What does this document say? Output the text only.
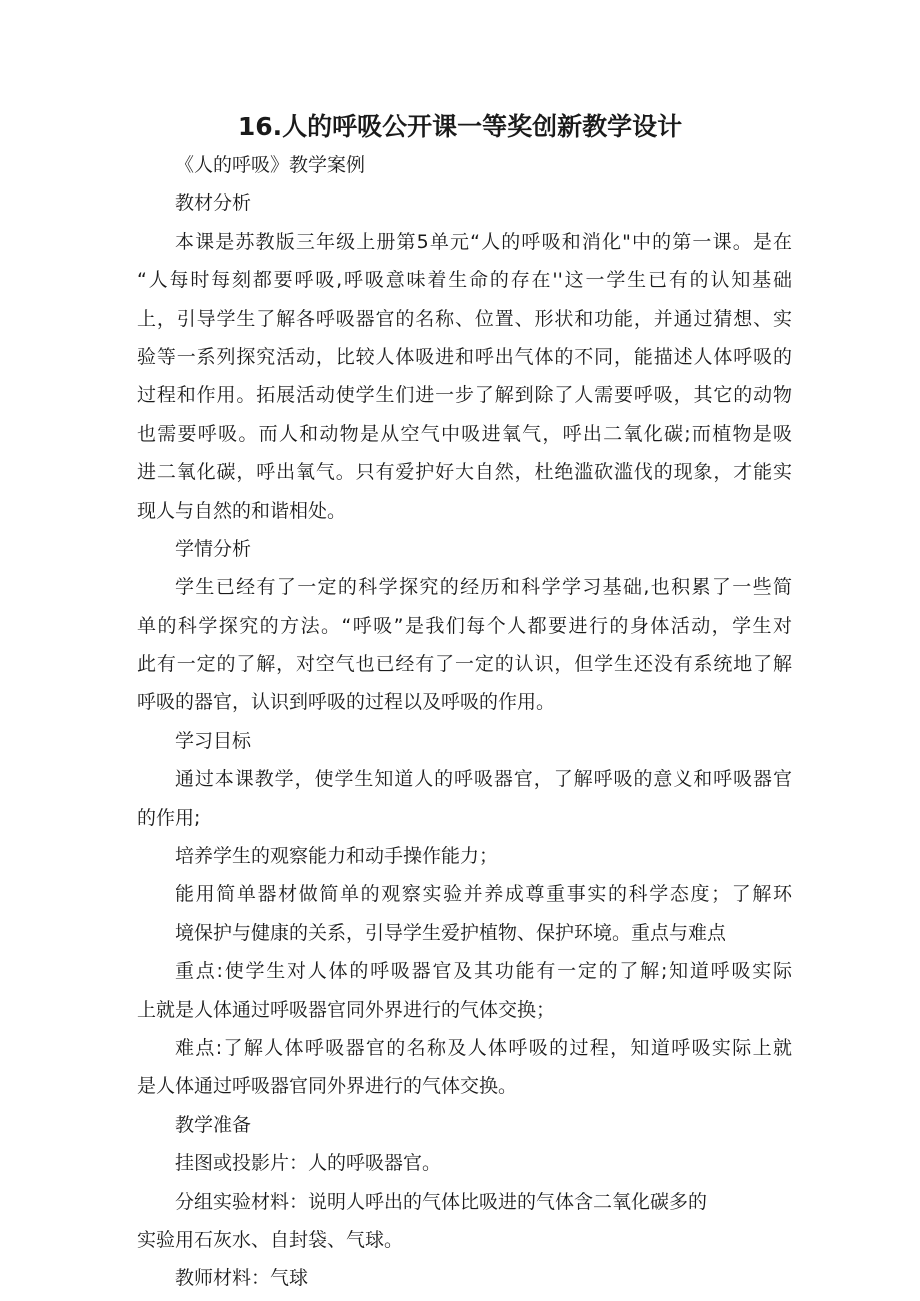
16.人的呼吸公开课一等奖创新教学设计
《人的呼吸》教学案例
教材分析
本课是苏教版三年级上册第5单元“人的呼吸和消化"中的第一课。是在
“人每时每刻都要呼吸,呼吸意味着生命的存在''这一学生已有的认知基础
上，引导学生了解各呼吸器官的名称、位置、形状和功能，并通过猜想、实
验等一系列探究活动，比较人体吸进和呼出气体的不同，能描述人体呼吸的
过程和作用。拓展活动使学生们进一步了解到除了人需要呼吸，其它的动物
也需要呼吸。而人和动物是从空气中吸进氧气，呼出二氧化碳;而植物是吸
进二氧化碳，呼出氧气。只有爱护好大自然，杜绝滥砍滥伐的现象，才能实
现人与自然的和谐相处。
学情分析
学生已经有了一定的科学探究的经历和科学学习基础,也积累了一些简
单的科学探究的方法。“呼吸”是我们每个人都要进行的身体活动，学生对
此有一定的了解，对空气也已经有了一定的认识，但学生还没有系统地了解
呼吸的器官，认识到呼吸的过程以及呼吸的作用。
学习目标
通过本课教学，使学生知道人的呼吸器官，了解呼吸的意义和呼吸器官
的作用;
培养学生的观察能力和动手操作能力；
能用简单器材做简单的观察实验并养成尊重事实的科学态度；了解环
境保护与健康的关系，引导学生爱护植物、保护环境。重点与难点
重点:使学生对人体的呼吸器官及其功能有一定的了解;知道呼吸实际
上就是人体通过呼吸器官同外界进行的气体交换；
难点:了解人体呼吸器官的名称及人体呼吸的过程，知道呼吸实际上就
是人体通过呼吸器官同外界进行的气体交换。
教学准备
挂图或投影片：人的呼吸器官。
分组实验材料：说明人呼出的气体比吸进的气体含二氧化碳多的
实验用石灰水、自封袋、气球。
教师材料：气球
